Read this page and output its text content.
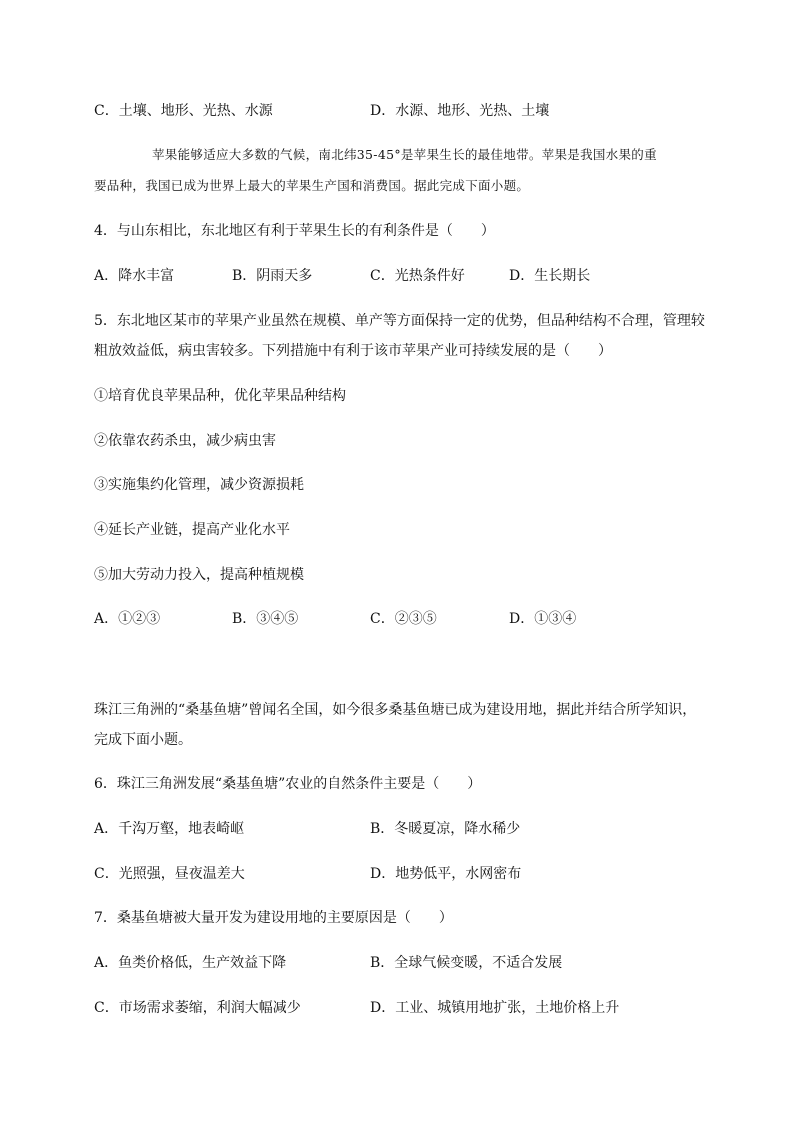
C．土壤、地形、光热、水源	D．水源、地形、光热、土壤
苹果能够适应大多数的气候，南北纬35-45°是苹果生长的最佳地带。苹果是我国水果的重
要品种，我国已成为世界上最大的苹果生产国和消费国。据此完成下面小题。
4．与山东相比，东北地区有利于苹果生长的有利条件是（　　）
A．降水丰富	B．阴雨天多	C．光热条件好	D．生长期长
5．东北地区某市的苹果产业虽然在规模、单产等方面保持一定的优势，但品种结构不合理，管理较
粗放效益低，病虫害较多。下列措施中有利于该市苹果产业可持续发展的是（　　）
①培育优良苹果品种，优化苹果品种结构
②依靠农药杀虫，减少病虫害
③实施集约化管理，减少资源损耗
④延长产业链，提高产业化水平
⑤加大劳动力投入，提高种植规模
A．①②③	B．③④⑤	C．②③⑤	D．①③④
珠江三角洲的“桑基鱼塘”曾闻名全国，如今很多桑基鱼塘已成为建设用地，据此并结合所学知识，
完成下面小题。
6．珠江三角洲发展“桑基鱼塘”农业的自然条件主要是（　　）
A．千沟万壑，地表崎岖	B．冬暖夏凉，降水稀少
C．光照强，昼夜温差大	D．地势低平，水网密布
7．桑基鱼塘被大量开发为建设用地的主要原因是（　　）
A．鱼类价格低，生产效益下降	B．全球气候变暖，不适合发展
C．市场需求萎缩，利润大幅减少	D．工业、城镇用地扩张，土地价格上升
